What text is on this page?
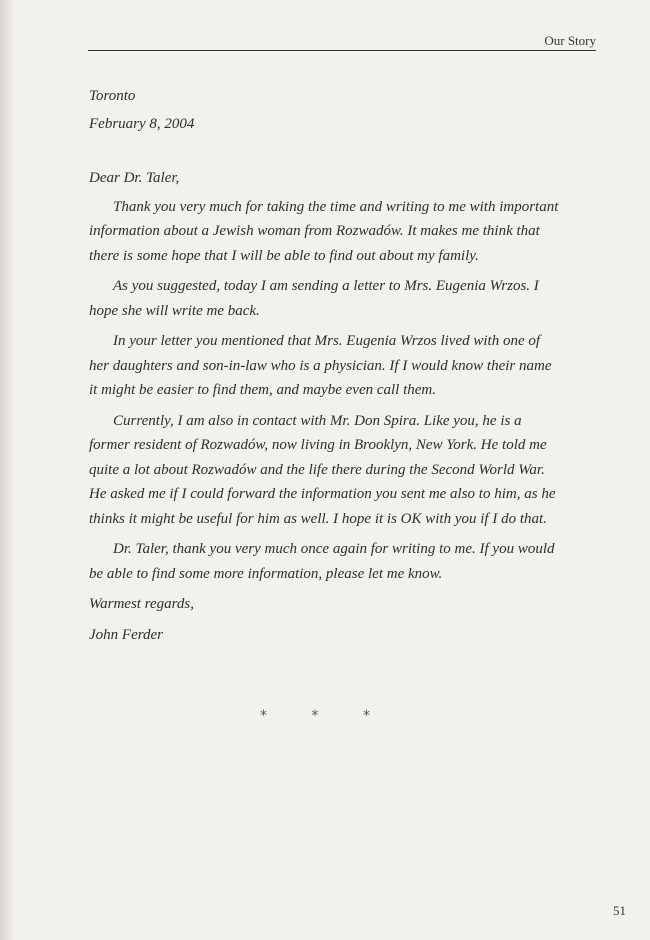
Our Story

Toronto

February 8, 2004

Dear Dr. Taler,

Thank you very much for taking the time and writing to me with important
information about a Jewish woman from Rozwadów. It makes me think that
there is some hope that I will be able to find out about my family.

As you suggested, today I am sending a letter to Mrs. Eugenia Wrzos. I
hope she will write me back.

In your letter you mentioned that Mrs. Eugenia Wrzos lived with one of
her daughters and son-in-law who is a physician. If I would know their name
it might be easier to find them, and maybe even call them.

Currently, I am also in contact with Mr. Don Spira. Like you, he is a
former resident of Rozwadów, now living in Brooklyn, New York. He told me
quite a lot about Rozwadów and the life there during the Second World War.
He asked me if I could forward the information you sent me also to him, as he
thinks it might be useful for him as well. I hope it is OK with you if I do that.

Dr. Taler, thank you very much once again for writing to me. If you would
be able to find some more information, please let me know.

Warmest regards,

John Ferder

* * *
51
